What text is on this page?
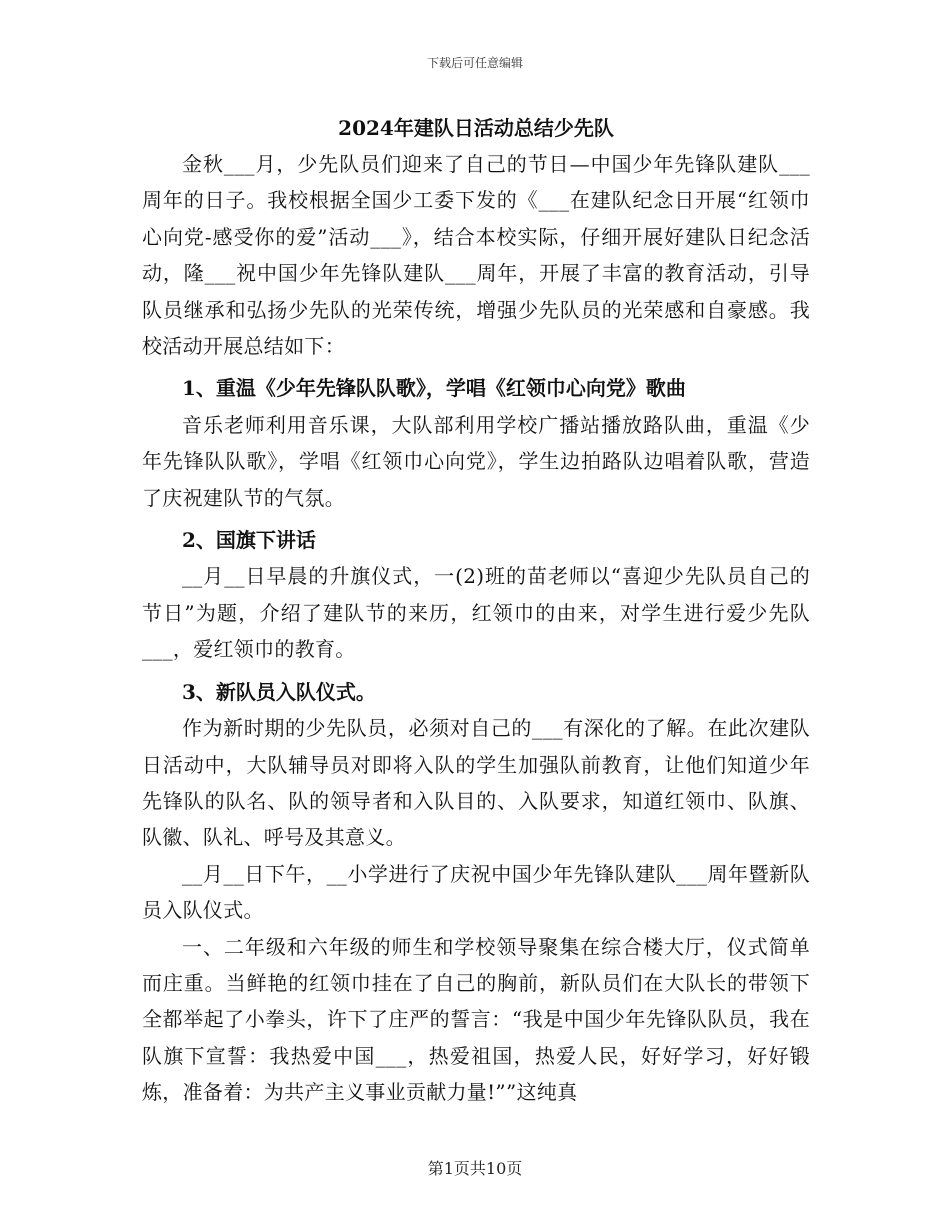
下载后可任意编辑
2024年建队日活动总结少先队

金秋___月，少先队员们迎来了自己的节日—中国少年先锋队建队___周年的日子。我校根据全国少工委下发的《___在建队纪念日开展“红领巾心向党-感受你的爱”活动___》，结合本校实际，仔细开展好建队日纪念活动，隆___祝中国少年先锋队建队___周年，开展了丰富的教育活动，引导队员继承和弘扬少先队的光荣传统，增强少先队员的光荣感和自豪感。我校活动开展总结如下：

1、重温《少年先锋队队歌》，学唱《红领巾心向党》歌曲

音乐老师利用音乐课，大队部利用学校广播站播放路队曲，重温《少年先锋队队歌》，学唱《红领巾心向党》，学生边拍路队边唱着队歌，营造了庆祝建队节的气氛。

2、国旗下讲话

__月__日早晨的升旗仪式，一(2)班的苗老师以“喜迎少先队员自己的节日”为题，介绍了建队节的来历，红领巾的由来，对学生进行爱少先队___，爱红领巾的教育。

3、新队员入队仪式。

作为新时期的少先队员，必须对自己的___有深化的了解。在此次建队日活动中，大队辅导员对即将入队的学生加强队前教育，让他们知道少年先锋队的队名、队的领导者和入队目的、入队要求，知道红领巾、队旗、队徽、队礼、呼号及其意义。

__月__日下午，__小学进行了庆祝中国少年先锋队建队___周年暨新队员入队仪式。

一、二年级和六年级的师生和学校领导聚集在综合楼大厅，仪式简单而庄重。当鲜艳的红领巾挂在了自己的胸前，新队员们在大队长的带领下全都举起了小拳头，许下了庄严的誓言：“我是中国少年先锋队队员，我在队旗下宣誓：我热爱中国___，热爱祖国，热爱人民，好好学习，好好锻炼，准备着：为共产主义事业贡献力量!””这纯真

第1页共10页
